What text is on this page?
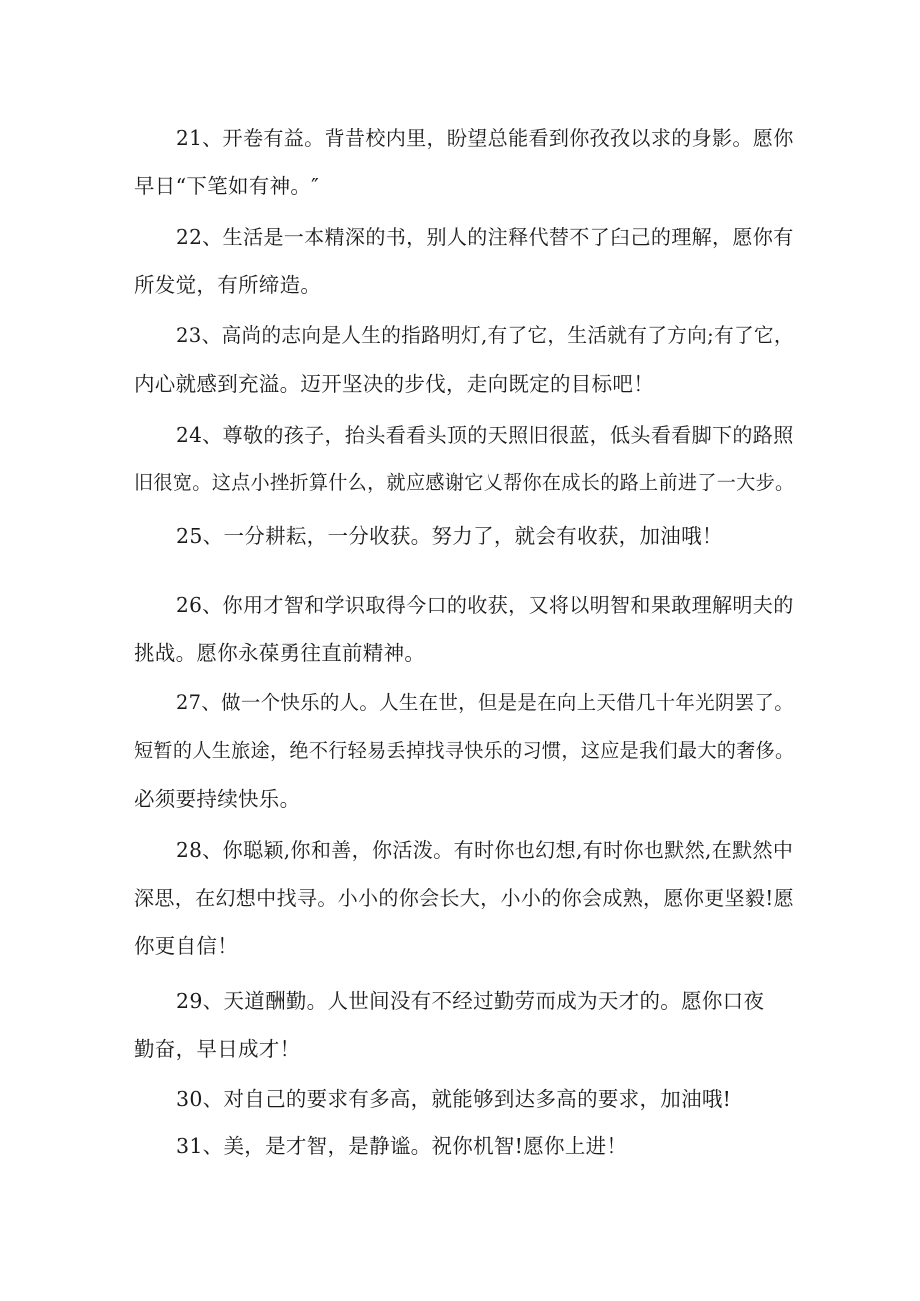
21、开卷有益。背昔校内里，盼望总能看到你孜孜以求的身影。愿你
早日“下笔如有神。″

22、生活是一本精深的书，别人的注释代替不了臼己的理解，愿你有
所发觉，有所缔造。

23、高尚的志向是人生的指路明灯,有了它，生活就有了方向;有了它，
内心就感到充溢。迈开坚决的步伐，走向既定的目标吧！

24、尊敬的孩子，抬头看看头顶的天照旧很蓝，低头看看脚下的路照
旧很宽。这点小挫折算什么，就应感谢它乂帮你在成长的路上前进了一大步。

25、一分耕耘，一分收获。努力了，就会有收获，加油哦！

26、你用才智和学识取得今口的收获，又将以明智和果敢理解明夫的
挑战。愿你永葆勇往直前精神。

27、做一个快乐的人。人生在世，但是是在向上天借几十年光阴罢了。
短暂的人生旅途，绝不行轻易丢掉找寻快乐的习惯，这应是我们最大的奢侈。
必须要持续快乐。

28、你聪颖,你和善，你活泼。有时你也幻想,有时你也默然,在默然中
深思，在幻想中找寻。小小的你会长大，小小的你会成熟，愿你更坚毅!愿
你更自信！

29、天道酬勤。人世间没有不经过勤劳而成为天才的。愿你口夜
勤奋，早日成才！

30、对自己的要求有多高，就能够到达多高的要求，加油哦!

31、美，是才智，是静谧。祝你机智!愿你上进！
